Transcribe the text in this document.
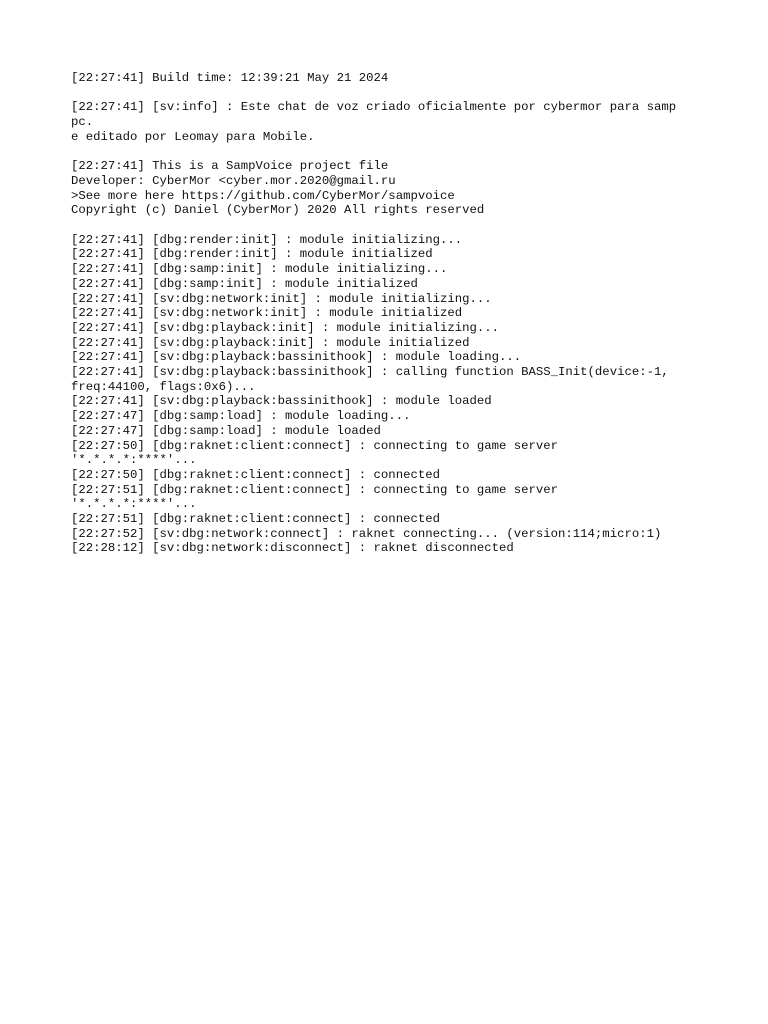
[22:27:41] Build time: 12:39:21 May 21 2024
[22:27:41] [sv:info] : Este chat de voz criado oficialmente por cybermor para samp
pc.
e editado por Leomay para Mobile.
[22:27:41] This is a SampVoice project file
Developer: CyberMor <cyber.mor.2020@gmail.ru
>See more here https://github.com/CyberMor/sampvoice
Copyright (c) Daniel (CyberMor) 2020 All rights reserved
[22:27:41] [dbg:render:init] : module initializing...
[22:27:41] [dbg:render:init] : module initialized
[22:27:41] [dbg:samp:init] : module initializing...
[22:27:41] [dbg:samp:init] : module initialized
[22:27:41] [sv:dbg:network:init] : module initializing...
[22:27:41] [sv:dbg:network:init] : module initialized
[22:27:41] [sv:dbg:playback:init] : module initializing...
[22:27:41] [sv:dbg:playback:init] : module initialized
[22:27:41] [sv:dbg:playback:bassinithook] : module loading...
[22:27:41] [sv:dbg:playback:bassinithook] : calling function BASS_Init(device:-1,
freq:44100, flags:0x6)...
[22:27:41] [sv:dbg:playback:bassinithook] : module loaded
[22:27:47] [dbg:samp:load] : module loading...
[22:27:47] [dbg:samp:load] : module loaded
[22:27:50] [dbg:raknet:client:connect] : connecting to game server
'*.*.*.*:****'...
[22:27:50] [dbg:raknet:client:connect] : connected
[22:27:51] [dbg:raknet:client:connect] : connecting to game server
'*.*.*.*:****'...
[22:27:51] [dbg:raknet:client:connect] : connected
[22:27:52] [sv:dbg:network:connect] : raknet connecting... (version:114;micro:1)
[22:28:12] [sv:dbg:network:disconnect] : raknet disconnected
